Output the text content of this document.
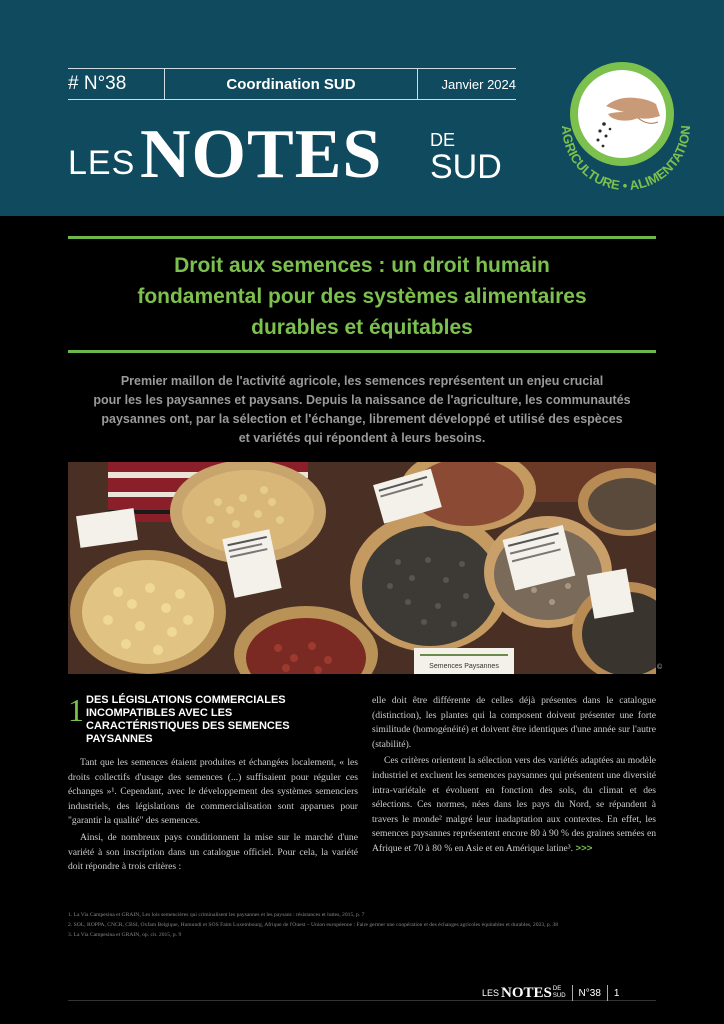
# N°38	Coordination SUD	Janvier 2024
LES NOTES	DE
SUD
AGRICULTURE • ALIMENTATION
Droit aux semences : un droit humain
fondamental pour des systèmes alimentaires
durables et équitables
Premier maillon de l'activité agricole, les semences représentent un enjeu crucial
pour les les paysannes et paysans. Depuis la naissance de l'agriculture, les communautés
paysannes ont, par la sélection et l'échange, librement développé et utilisé des espèces
et variétés qui répondent à leurs besoins.
Semences Paysannes	©
1 DES LÉGISLATIONS COMMERCIALES INCOMPATIBLES AVEC LES CARACTÉRISTIQUES DES SEMENCES PAYSANNES

Tant que les semences étaient produites et échangées localement, « les droits collectifs d'usage des semences (...) suffisaient pour réguler ces échanges »¹. Cependant, avec le développement des systèmes semenciers industriels, des législations de commercialisation sont apparues pour "garantir la qualité" des semences.

Ainsi, de nombreux pays conditionnent la mise sur le marché d'une variété à son inscription dans un catalogue officiel. Pour cela, la variété doit répondre à trois critères :

elle doit être différente de celles déjà présentes dans le catalogue (distinction), les plantes qui la composent doivent présenter une forte similitude (homogénéité) et doivent être identiques d'une année sur l'autre (stabilité).

Ces critères orientent la sélection vers des variétés adaptées au modèle industriel et excluent les semences paysannes qui présentent une diversité intra-variétale et évoluent en fonction des sols, du climat et des sélections. Ces normes, nées dans les pays du Nord, se répandent à travers le monde² malgré leur inadaptation aux contextes. En effet, les semences paysannes représentent encore 80 à 90 % des graines semées en Afrique et 70 à 80 % en Asie et en Amérique latine³. >>>

1. La Via Campesina et GRAIN, Les lois semencières qui criminalisent les paysannes et les paysans : résistances et luttes, 2015, p. 7
2. SOL, ROPPA, CNCR, CBSI, Oxfam Belgique, Humundi et SOS Faim Luxembourg, Afrique de l'Ouest – Union européenne : Faire germer une coopération et des échanges agricoles équitables et durables, 2023, p. 38
3. La Via Campesina et GRAIN, op. cit. 2015, p. 9
LES NOTES DE
SUD N°38 1
